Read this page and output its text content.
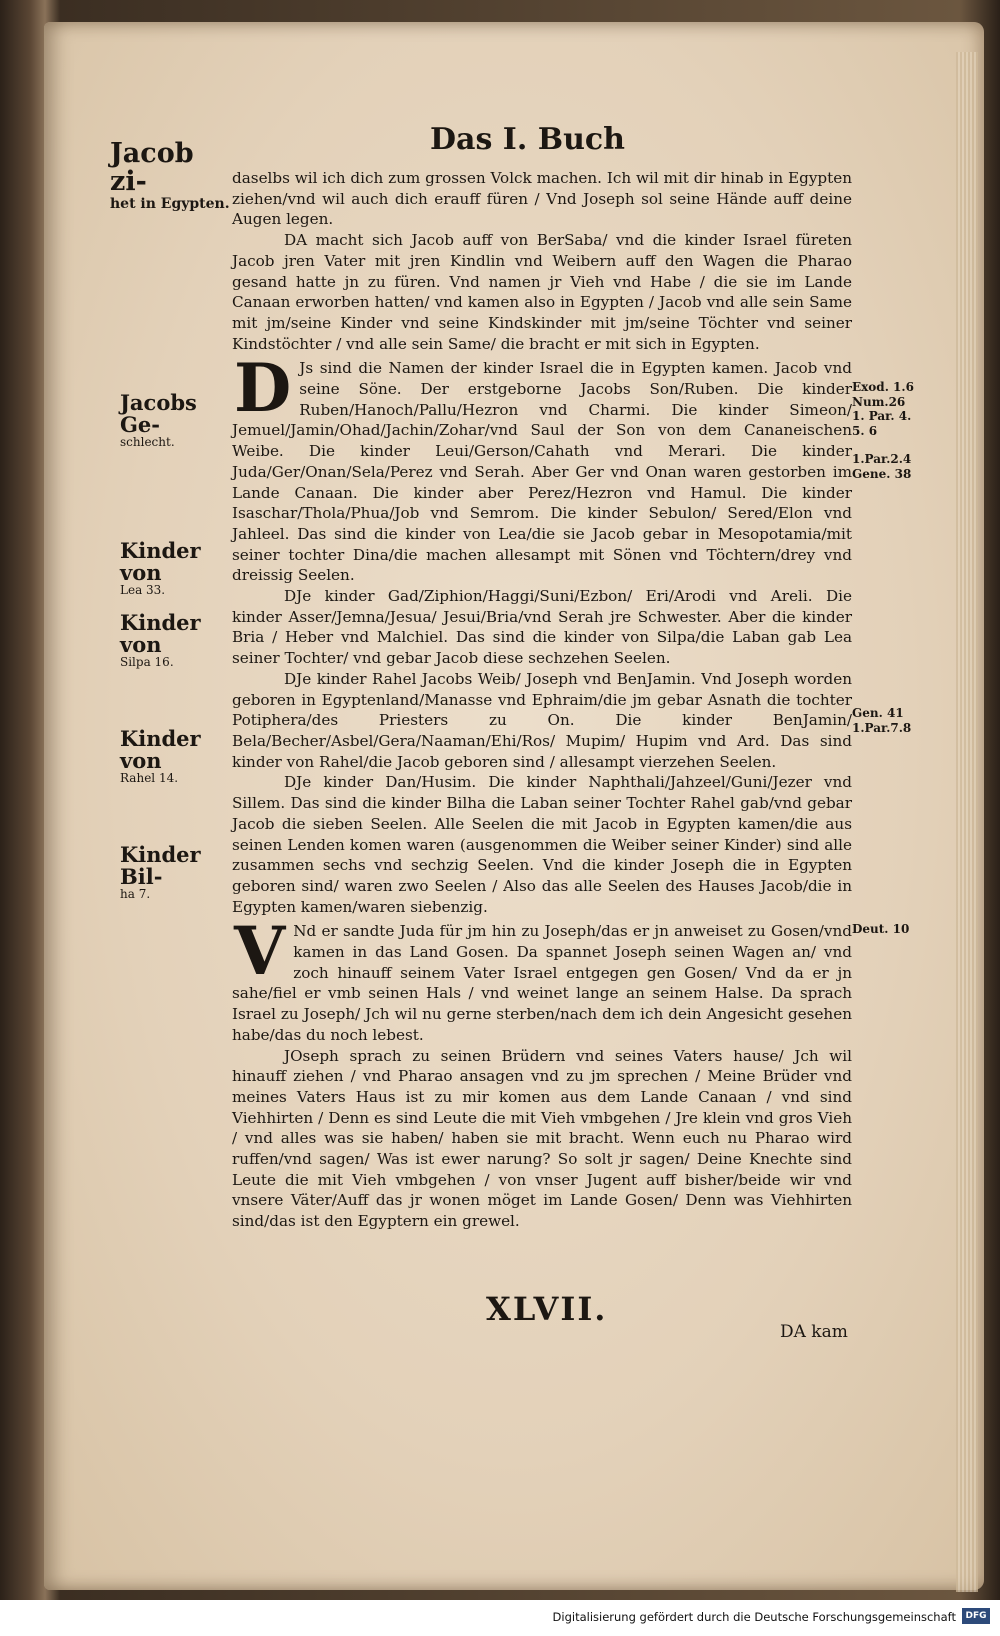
Das I. Buch
Jacob zi-
het in Egypten.

daselbs wil ich dich zum grossen Volck machen. Ich wil mit dir hinab in Egypten ziehen/vnd wil auch dich erauff füren / Vnd Joseph sol seine Hände auff deine Augen legen.

DA macht sich Jacob auff von BerSaba/ vnd die kinder Israel füreten Jacob jren Vater mit jren Kindlin vnd Weibern auff den Wagen die Pharao gesand hatte jn zu füren. Vnd namen jr Vieh vnd Habe / die sie im Lande Canaan erworben hatten/ vnd kamen also in Egypten / Jacob vnd alle sein Same mit jm/seine Kinder vnd seine Kindskinder mit jm/seine Töchter vnd seiner Kindstöchter / vnd alle sein Same/ die bracht er mit sich in Egypten.

D Js sind die Namen der kinder Israel die in Egypten kamen. Jacob vnd seine Söne. Der erstgeborne Jacobs Son/Ruben. Die kinder Ruben/Hanoch/Pallu/Hezron vnd Charmi. Die kinder Simeon/ Jemuel/Jamin/Ohad/Jachin/Zohar/vnd Saul der Son von dem Cananeischen Weibe. Die kinder Leui/Gerson/Cahath vnd Merari. Die kinder Juda/Ger/Onan/Sela/Perez vnd Serah. Aber Ger vnd Onan waren gestorben im Lande Canaan. Die kinder aber Perez/Hezron vnd Hamul. Die kinder Isaschar/Thola/Phua/Job vnd Semrom. Die kinder Sebulon/ Sered/Elon vnd Jahleel. Das sind die kinder von Lea/die sie Jacob gebar in Mesopotamia/mit seiner tochter Dina/die machen allesampt mit Sönen vnd Töchtern/drey vnd dreissig Seelen.

DJe kinder Gad/Ziphion/Haggi/Suni/Ezbon/ Eri/Arodi vnd Areli. Die kinder Asser/Jemna/Jesua/ Jesui/Bria/vnd Serah jre Schwester. Aber die kinder Bria / Heber vnd Malchiel. Das sind die kinder von Silpa/die Laban gab Lea seiner Tochter/ vnd gebar Jacob diese sechzehen Seelen.

DJe kinder Rahel Jacobs Weib/ Joseph vnd BenJamin. Vnd Joseph worden geboren in Egyptenland/Manasse vnd Ephraim/die jm gebar Asnath die tochter Potiphera/des Priesters zu On. Die kinder BenJamin/ Bela/Becher/Asbel/Gera/Naaman/Ehi/Ros/ Mupim/ Hupim vnd Ard. Das sind kinder von Rahel/die Jacob geboren sind / allesampt vierzehen Seelen.

DJe kinder Dan/Husim. Die kinder Naphthali/Jahzeel/Guni/Jezer vnd Sillem. Das sind die kinder Bilha die Laban seiner Tochter Rahel gab/vnd gebar Jacob die sieben Seelen. Alle Seelen die mit Jacob in Egypten kamen/die aus seinen Lenden komen waren (ausgenommen die Weiber seiner Kinder) sind alle zusammen sechs vnd sechzig Seelen. Vnd die kinder Joseph die in Egypten geboren sind/ waren zwo Seelen / Also das alle Seelen des Hauses Jacob/die in Egypten kamen/waren siebenzig.

V Nd er sandte Juda für jm hin zu Joseph/das er jn anweiset zu Gosen/vnd kamen in das Land Gosen. Da spannet Joseph seinen Wagen an/ vnd zoch hinauff seinem Vater Israel entgegen gen Gosen/ Vnd da er jn sahe/fiel er vmb seinen Hals / vnd weinet lange an seinem Halse. Da sprach Israel zu Joseph/ Jch wil nu gerne sterben/nach dem ich dein Angesicht gesehen habe/das du noch lebest.

JOseph sprach zu seinen Brüdern vnd seines Vaters hause/ Jch wil hinauff ziehen / vnd Pharao ansagen vnd zu jm sprechen / Meine Brüder vnd meines Vaters Haus ist zu mir komen aus dem Lande Canaan / vnd sind Viehhirten / Denn es sind Leute die mit Vieh vmbgehen / Jre klein vnd gros Vieh / vnd alles was sie haben/ haben sie mit bracht. Wenn euch nu Pharao wird ruffen/vnd sagen/ Was ist ewer narung? So solt jr sagen/ Deine Knechte sind Leute die mit Vieh vmbgehen / von vnser Jugent auff bisher/beide wir vnd vnsere Väter/Auff das jr wonen möget im Lande Gosen/ Denn was Viehhirten sind/das ist den Egyptern ein grewel.

Jacobs Ge-
schlecht.
Kinder von
Lea 33.
Kinder von
Silpa 16.
Kinder von
Rahel 14.
Kinder Bil-
ha 7.
Exod. 1.6
Num.26
1. Par. 4.
5. 6
1.Par.2.4
Gene. 38
Gen. 41
1.Par.7.8
Deut. 10
XLVII.
DA kam
Digitalisierung gefördert durch die Deutsche Forschungsgemeinschaft	DFG
